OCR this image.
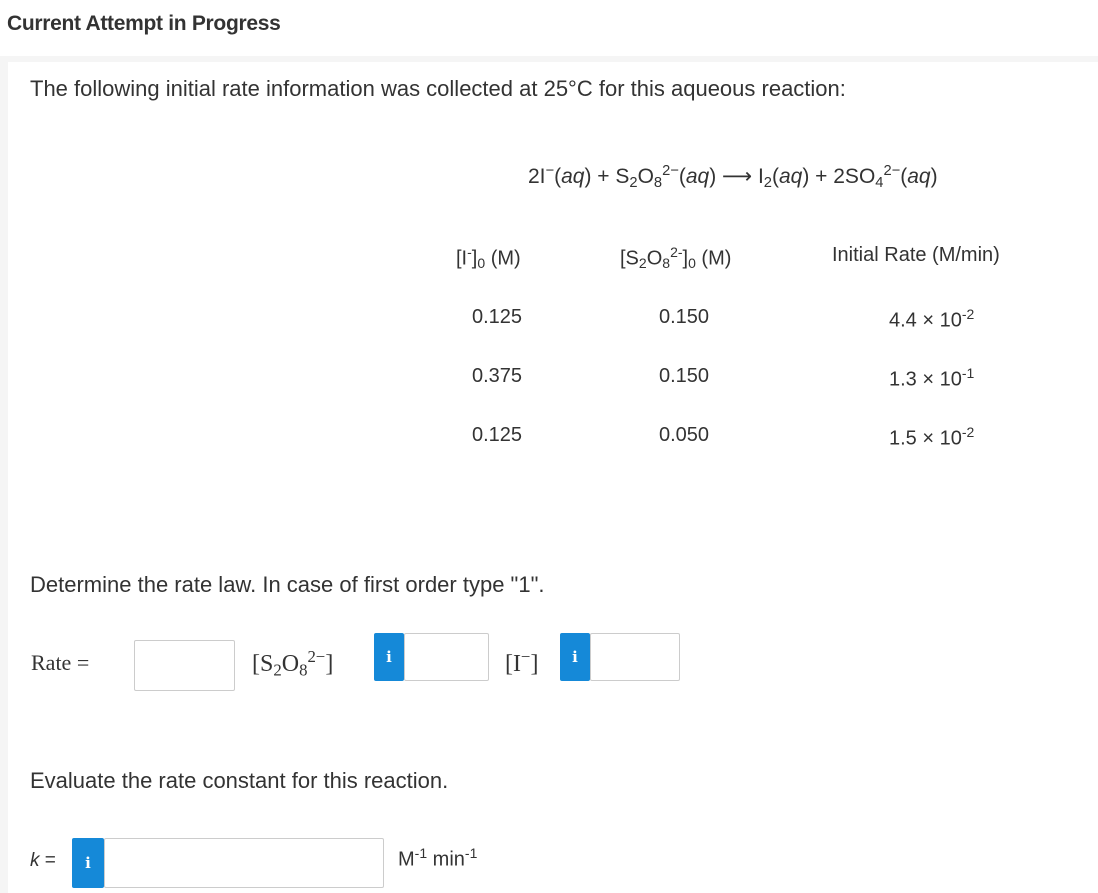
Current Attempt in Progress
The following initial rate information was collected at 25°C for this aqueous reaction:
$2I^-(aq) + S_2O_8^{2-}(aq)$ ⟶ $I_2(aq) + 2SO_4^{2-}(aq)$
$[I^-]_0$ (M)	$[S_2O_8^{2-}]_0$ (M)	Initial Rate (M/min)
0.125	0.150	$4.4 \times 10^{-2}$
0.375	0.150	$1.3 \times 10^{-1}$
0.125	0.050	$1.5 \times 10^{-2}$
Determine the rate law. In case of first order type "1".
Rate =	$[S_2O_8^{2-}]$	i	[I−]	i
Evaluate the rate constant for this reaction.
k =	i	$M^{-1}$ $\min^{-1}$
